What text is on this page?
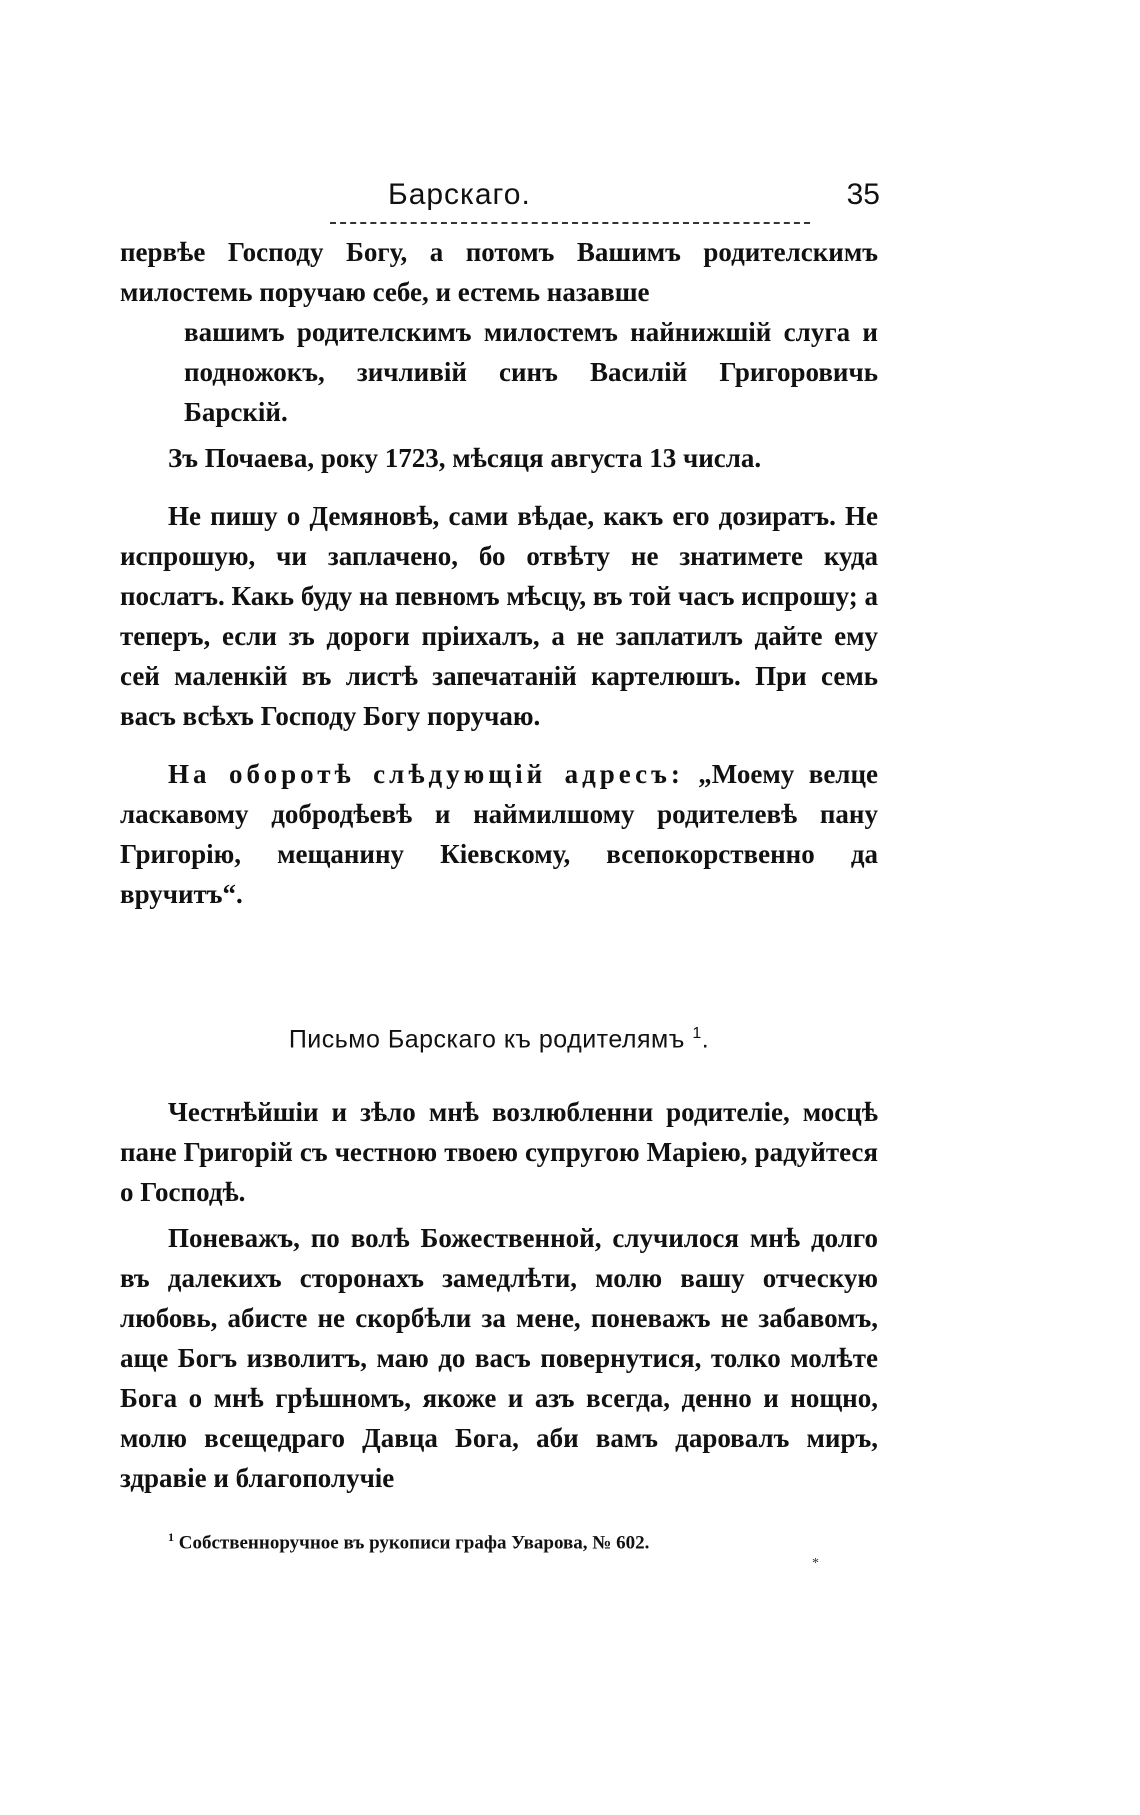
Барскаго.	35

первѣе Господу Богу, а потомъ Вашимъ родителскимъ милостемь поручаю себе, и естемь назавше

вашимъ родителскимъ милостемъ найнижшій слуга и подножокъ, зичливій синъ Василій Григоровичь Барскій.

Зъ Почаева, року 1723, мѣсяця августа 13 числа.

Не пишу о Демяновѣ, сами вѣдае, какъ его дозиратъ. Не испрошую, чи заплачено, бо отвѣту не знатимете куда послатъ. Какь буду на певномъ мѣсцу, въ той часъ испрошу; а теперъ, если зъ дороги пріихалъ, а не заплатилъ дайте ему сей маленкій въ листѣ запечатаній картелюшъ. При семь васъ всѣхъ Господу Богу поручаю.

На оборотѣ слѣдующій адресъ: „Моему велце ласкавому добродѣевѣ и наймилшому родителевѣ пану Григорію, мещанину Кіевскому, всепокорственно да вручитъ“.

Письмо Барскаго къ родителямъ $^1$.

Честнѣйшіи и зѣло мнѣ возлюбленни родителіе, мосцѣ пане Григорій съ честною твоею супругою Маріею, радуйтеся о Господѣ.

Поневажъ, по волѣ Божественной, случилося мнѣ долго въ далекихъ сторонахъ замедлѣти, молю вашу отческую любовь, абисте не скорбѣли за мене, поневажъ не забавомъ, аще Богъ изволитъ, маю до васъ повернутися, толко молѣте Бога о мнѣ грѣшномъ, якоже и азъ всегда, денно и нощно, молю всещедраго Давца Бога, аби вамъ даровалъ миръ, здравіе и благополучіе

$^1$ Собственноручное въ рукописи графа Уварова, № 602.
*
